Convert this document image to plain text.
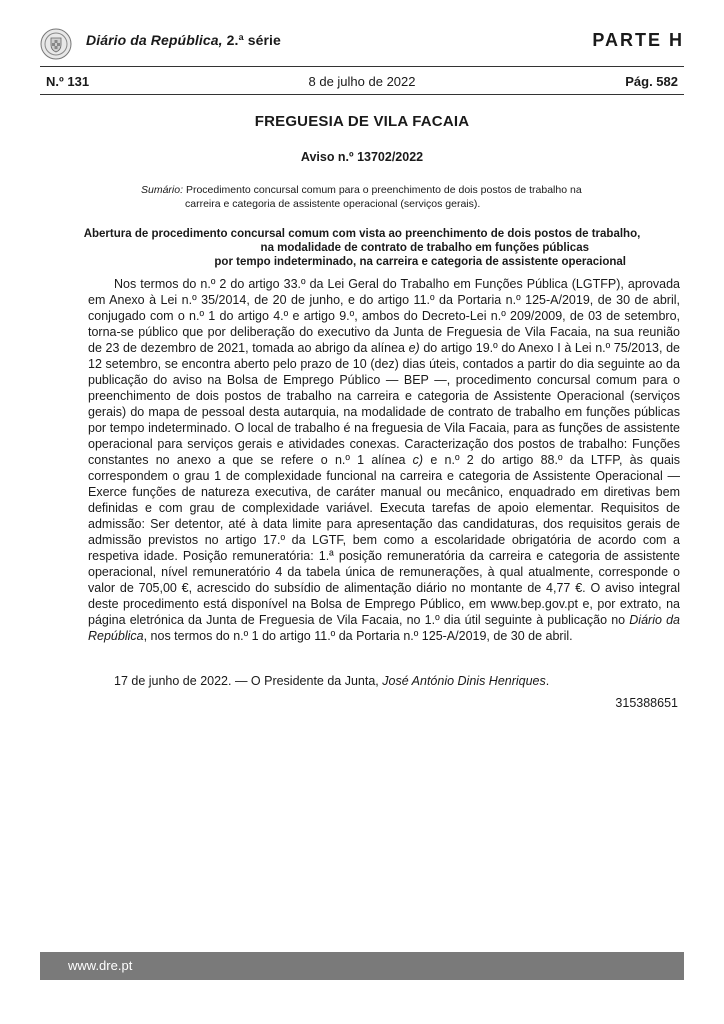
Diário da República, 2.ª série	PARTE H
N.º 131	8 de julho de 2022	Pág. 582
FREGUESIA DE VILA FACAIA
Aviso n.º 13702/2022
Sumário: Procedimento concursal comum para o preenchimento de dois postos de trabalho na
carreira e categoria de assistente operacional (serviços gerais).
Abertura de procedimento concursal comum com vista ao preenchimento de dois postos de trabalho,
na modalidade de contrato de trabalho em funções públicas
por tempo indeterminado, na carreira e categoria de assistente operacional
Nos termos do n.º 2 do artigo 33.º da Lei Geral do Trabalho em Funções Pública (LGTFP), aprovada em Anexo à Lei n.º 35/2014, de 20 de junho, e do artigo 11.º da Portaria n.º 125-A/2019, de 30 de abril, conjugado com o n.º 1 do artigo 4.º e artigo 9.º, ambos do Decreto-Lei n.º 209/2009, de 03 de setembro, torna-se público que por deliberação do executivo da Junta de Freguesia de Vila Facaia, na sua reunião de 23 de dezembro de 2021, tomada ao abrigo da alínea e) do artigo 19.º do Anexo I à Lei n.º 75/2013, de 12 setembro, se encontra aberto pelo prazo de 10 (dez) dias úteis, contados a partir do dia seguinte ao da publicação do aviso na Bolsa de Emprego Público — BEP —, procedimento concursal comum para o preenchimento de dois postos de trabalho na carreira e categoria de Assistente Operacional (serviços gerais) do mapa de pessoal desta autarquia, na modalidade de contrato de trabalho em funções públicas por tempo indeterminado. O local de trabalho é na freguesia de Vila Facaia, para as funções de assistente operacional para serviços gerais e atividades conexas. Caracterização dos postos de trabalho: Funções constantes no anexo a que se refere o n.º 1 alínea c) e n.º 2 do artigo 88.º da LTFP, às quais correspondem o grau 1 de complexidade funcional na carreira e categoria de Assistente Operacional — Exerce funções de natureza executiva, de caráter manual ou mecânico, enquadrado em diretivas bem definidas e com grau de complexidade variável. Executa tarefas de apoio elementar. Requisitos de admissão: Ser detentor, até à data limite para apresentação das candidaturas, dos requisitos gerais de admissão previstos no artigo 17.º da LGTF, bem como a escolaridade obrigatória de acordo com a respetiva idade. Posição remuneratória: 1.ª posição remuneratória da carreira e categoria de assistente operacional, nível remuneratório 4 da tabela única de remunerações, à qual atualmente, corresponde o valor de 705,00 €, acrescido do subsídio de alimentação diário no montante de 4,77 €. O aviso integral deste procedimento está disponível na Bolsa de Emprego Público, em www.bep.gov.pt e, por extrato, na página eletrónica da Junta de Freguesia de Vila Facaia, no 1.º dia útil seguinte à publicação no Diário da República, nos termos do n.º 1 do artigo 11.º da Portaria n.º 125-A/2019, de 30 de abril.
17 de junho de 2022. — O Presidente da Junta, José António Dinis Henriques.
315388651
www.dre.pt
